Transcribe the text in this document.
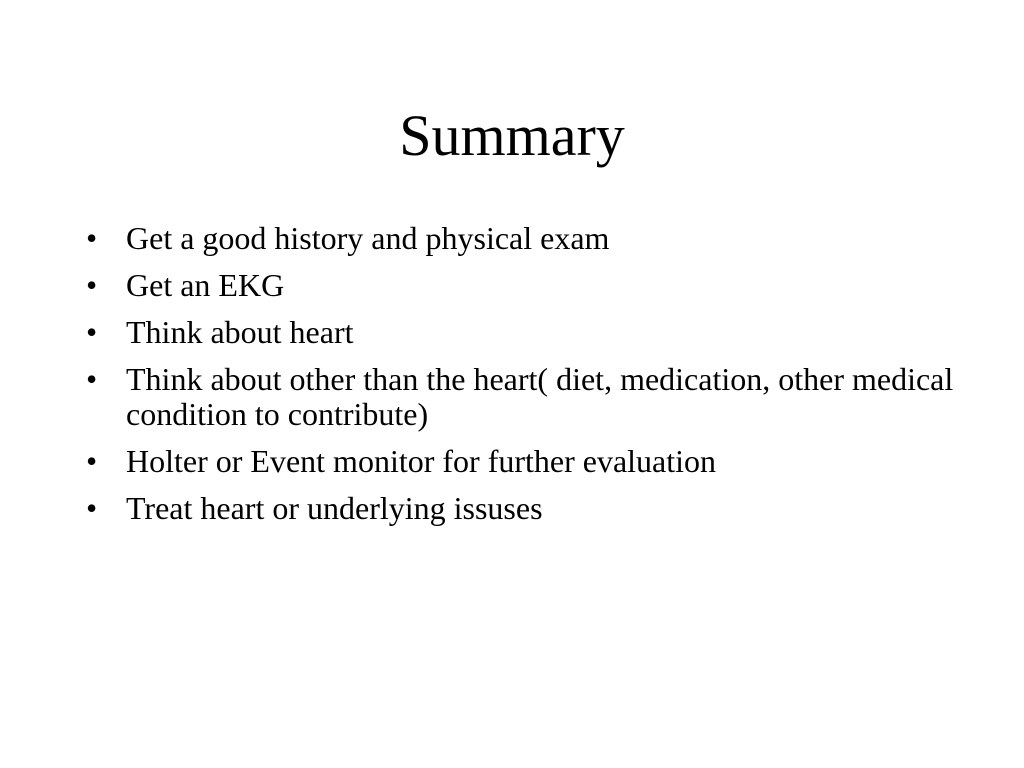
Summary
• Get a good history and physical exam
• Get an EKG
• Think about heart
• Think about other than the heart( diet, medication, other medical condition to contribute)
• Holter or Event monitor for further evaluation
• Treat heart or underlying issuses
